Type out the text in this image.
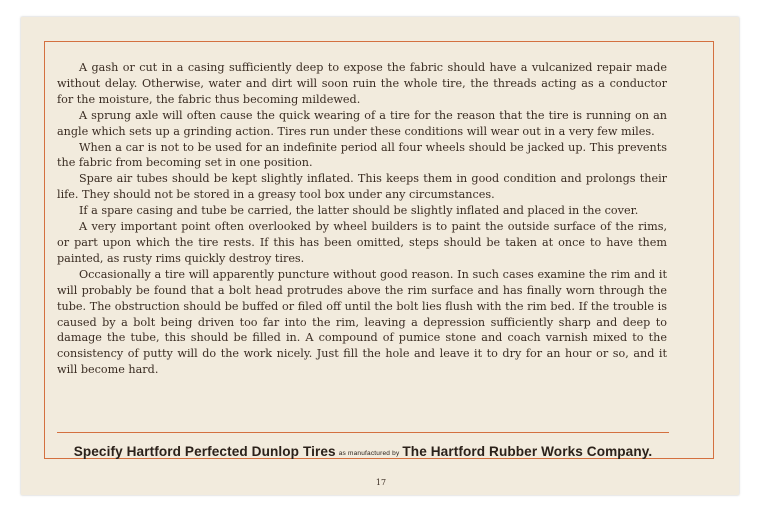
A gash or cut in a casing sufficiently deep to expose the fabric should have a vulcanized repair made without delay. Otherwise, water and dirt will soon ruin the whole tire, the threads acting as a conductor for the moisture, the fabric thus becoming mildewed.

A sprung axle will often cause the quick wearing of a tire for the reason that the tire is running on an angle which sets up a grinding action. Tires run under these conditions will wear out in a very few miles.

When a car is not to be used for an indefinite period all four wheels should be jacked up. This prevents the fabric from becoming set in one position.

Spare air tubes should be kept slightly inflated. This keeps them in good condition and prolongs their life. They should not be stored in a greasy tool box under any circumstances.

If a spare casing and tube be carried, the latter should be slightly inflated and placed in the cover.

A very important point often overlooked by wheel builders is to paint the outside surface of the rims, or part upon which the tire rests. If this has been omitted, steps should be taken at once to have them painted, as rusty rims quickly destroy tires.

Occasionally a tire will apparently puncture without good reason. In such cases examine the rim and it will probably be found that a bolt head protrudes above the rim surface and has finally worn through the tube. The obstruction should be buffed or filed off until the bolt lies flush with the rim bed. If the trouble is caused by a bolt being driven too far into the rim, leaving a depression sufficiently sharp and deep to damage the tube, this should be filled in. A compound of pumice stone and coach varnish mixed to the consistency of putty will do the work nicely. Just fill the hole and leave it to dry for an hour or so, and it will become hard.

Specify Hartford Perfected Dunlop Tires as manufactured by The Hartford Rubber Works Company.
17
